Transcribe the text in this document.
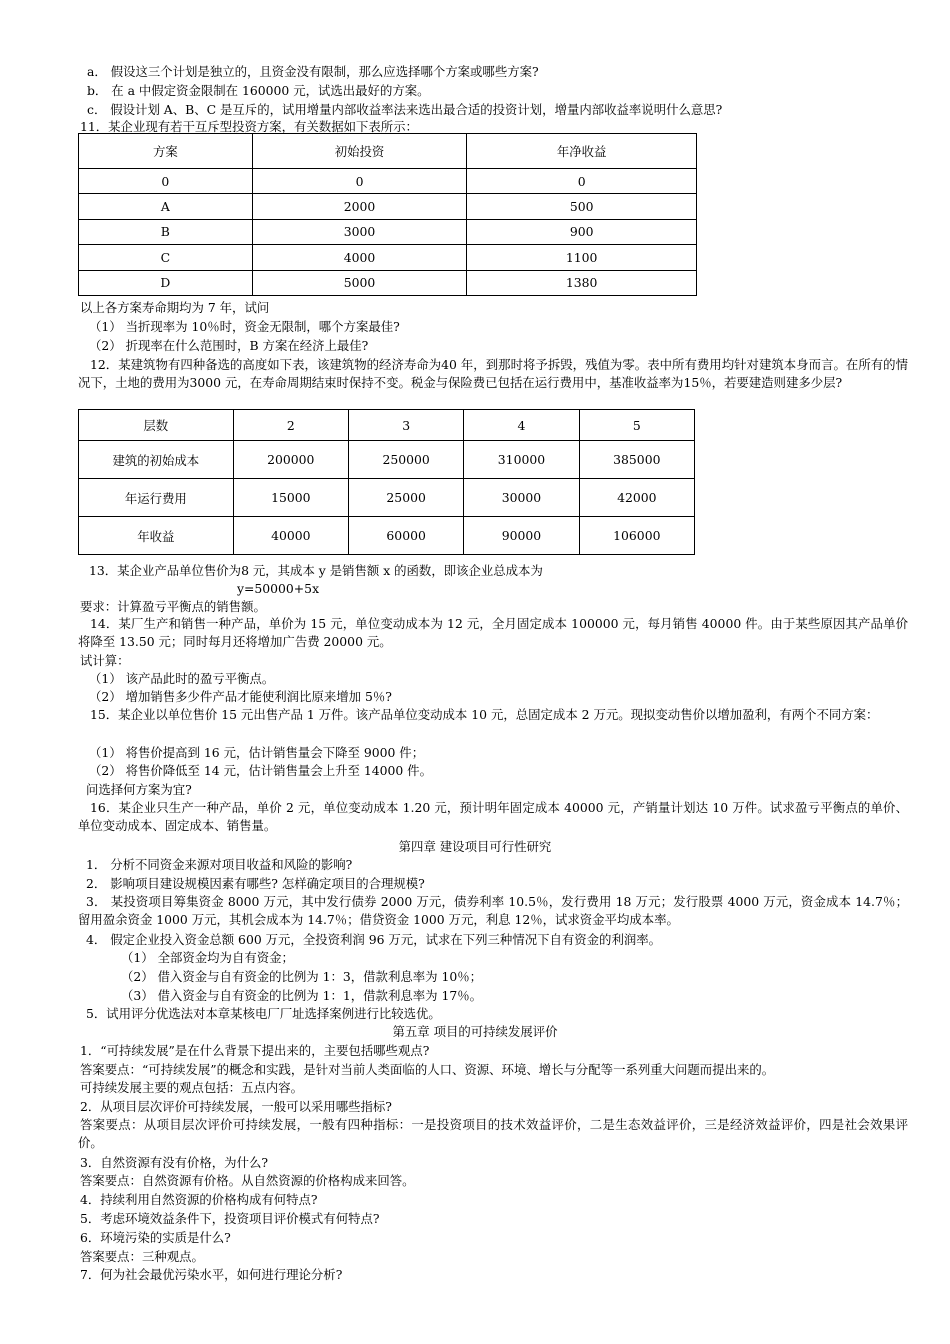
a． 假设这三个计划是独立的，且资金没有限制，那么应选择哪个方案或哪些方案?
b． 在 a 中假定资金限制在 160000 元，试选出最好的方案。
c． 假设计划 A、B、C 是互斥的，试用增量内部收益率法来选出最合适的投资计划，增量内部收益率说明什么意思?
11．某企业现有若干互斥型投资方案，有关数据如下表所示：
方案	初始投资	年净收益
0	0	0
A	2000	500
B	3000	900
C	4000	1100
D	5000	1380
以上各方案寿命期均为 7 年，试问
（1） 当折现率为 10％时，资金无限制，哪个方案最佳?
（2） 折现率在什么范围时，B 方案在经济上最佳?
12．某建筑物有四种备选的高度如下表，该建筑物的经济寿命为40 年，到那时将予拆毁，残值为零。表中所有费用均针对建筑本身而言。在所有的情况下，土地的费用为3000 元，在寿命周期结束时保持不变。税金与保险费已包括在运行费用中，基准收益率为15％，若要建造则建多少层?
层数	2	3	4	5
建筑的初始成本	200000	250000	310000	385000
年运行费用	15000	25000	30000	42000
年收益	40000	60000	90000	106000
13．某企业产品单位售价为8 元，其成本 y 是销售额 x 的函数，即该企业总成本为
y=50000+5x
要求：计算盈亏平衡点的销售额。
14．某厂生产和销售一种产品，单价为 15 元，单位变动成本为 12 元，全月固定成本 100000 元，每月销售 40000 件。由于某些原因其产品单价将降至 13.50 元；同时每月还将增加广告费 20000 元。
试计算：
（1） 该产品此时的盈亏平衡点。
（2） 增加销售多少件产品才能使利润比原来增加 5％?
15．某企业以单位售价 15 元出售产品 1 万件。该产品单位变动成本 10 元，总固定成本 2 万元。现拟变动售价以增加盈利，有两个不同方案：
（1） 将售价提高到 16 元，估计销售量会下降至 9000 件；
（2） 将售价降低至 14 元，估计销售量会上升至 14000 件。
问选择何方案为宜?
16．某企业只生产一种产品，单价 2 元，单位变动成本 1.20 元，预计明年固定成本 40000 元，产销量计划达 10 万件。试求盈亏平衡点的单价、单位变动成本、固定成本、销售量。
第四章 建设项目可行性研究
1． 分析不同资金来源对项目收益和风险的影响?
2． 影响项目建设规模因素有哪些? 怎样确定项目的合理规模?
3． 某投资项目筹集资金 8000 万元，其中发行债券 2000 万元，债券利率 10.5％，发行费用 18 万元；发行股票 4000 万元，资金成本 14.7％；留用盈余资金 1000 万元，其机会成本为 14.7％；借贷资金 1000 万元，利息 12％，试求资金平均成本率。
4． 假定企业投入资金总额 600 万元，全投资利润 96 万元，试求在下列三种情况下自有资金的利润率。
（1） 全部资金均为自有资金；
（2） 借入资金与自有资金的比例为 1：3，借款利息率为 10％；
（3） 借入资金与自有资金的比例为 1：1，借款利息率为 17％。
5．试用评分优选法对本章某核电厂厂址选择案例进行比较选优。
第五章 项目的可持续发展评价
1．“可持续发展”是在什么背景下提出来的，主要包括哪些观点?
答案要点：“可持续发展”的概念和实践，是针对当前人类面临的人口、资源、环境、增长与分配等一系列重大问题而提出来的。
可持续发展主要的观点包括：五点内容。
2．从项目层次评价可持续发展，一般可以采用哪些指标?
答案要点：从项目层次评价可持续发展，一般有四种指标：一是投资项目的技术效益评价，二是生态效益评价，三是经济效益评价，四是社会效果评价。
3．自然资源有没有价格，为什么?
答案要点：自然资源有价格。从自然资源的价格构成来回答。
4．持续利用自然资源的价格构成有何特点?
5．考虑环境效益条件下，投资项目评价模式有何特点?
6．环境污染的实质是什么?
答案要点：三种观点。
7．何为社会最优污染水平，如何进行理论分析?
